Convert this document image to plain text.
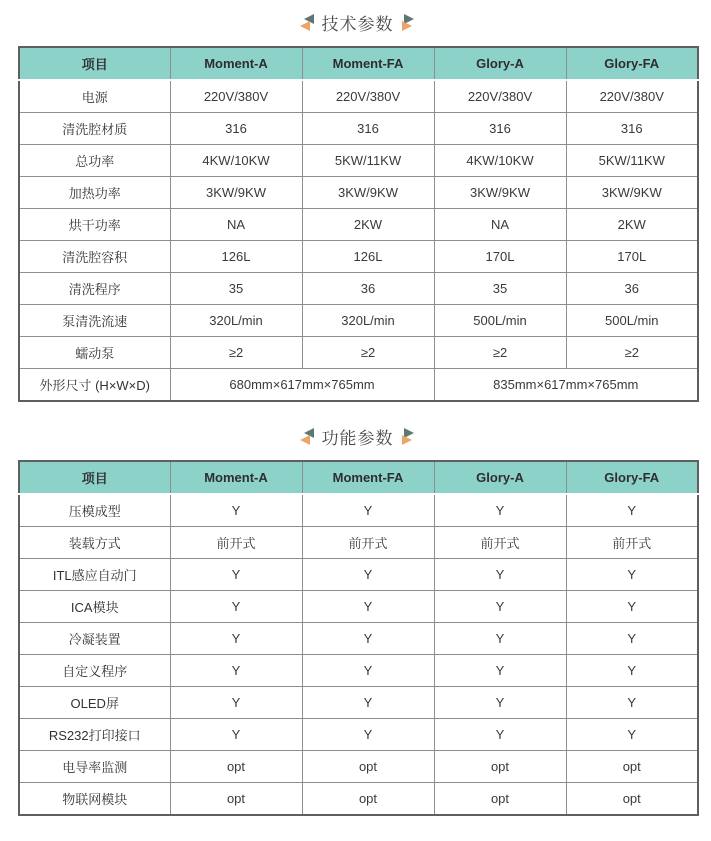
技术参数
项目	Moment-A	Moment-FA	Glory-A	Glory-FA
电源	220V/380V	220V/380V	220V/380V	220V/380V
清洗腔材质	316	316	316	316
总功率	4KW/10KW	5KW/11KW	4KW/10KW	5KW/11KW
加热功率	3KW/9KW	3KW/9KW	3KW/9KW	3KW/9KW
烘干功率	NA	2KW	NA	2KW
清洗腔容积	126L	126L	170L	170L
清洗程序	35	36	35	36
泵清洗流速	320L/min	320L/min	500L/min	500L/min
蠕动泵	≥2	≥2	≥2	≥2
外形尺寸 (H×W×D)	680mm×617mm×765mm		835mm×617mm×765mm	
功能参数
项目	Moment-A	Moment-FA	Glory-A	Glory-FA
压模成型	Y	Y	Y	Y
装载方式	前开式	前开式	前开式	前开式
ITL感应自动门	Y	Y	Y	Y
ICA模块	Y	Y	Y	Y
冷凝装置	Y	Y	Y	Y
自定义程序	Y	Y	Y	Y
OLED屏	Y	Y	Y	Y
RS232打印接口	Y	Y	Y	Y
电导率监测	opt	opt	opt	opt
物联网模块	opt	opt	opt	opt
